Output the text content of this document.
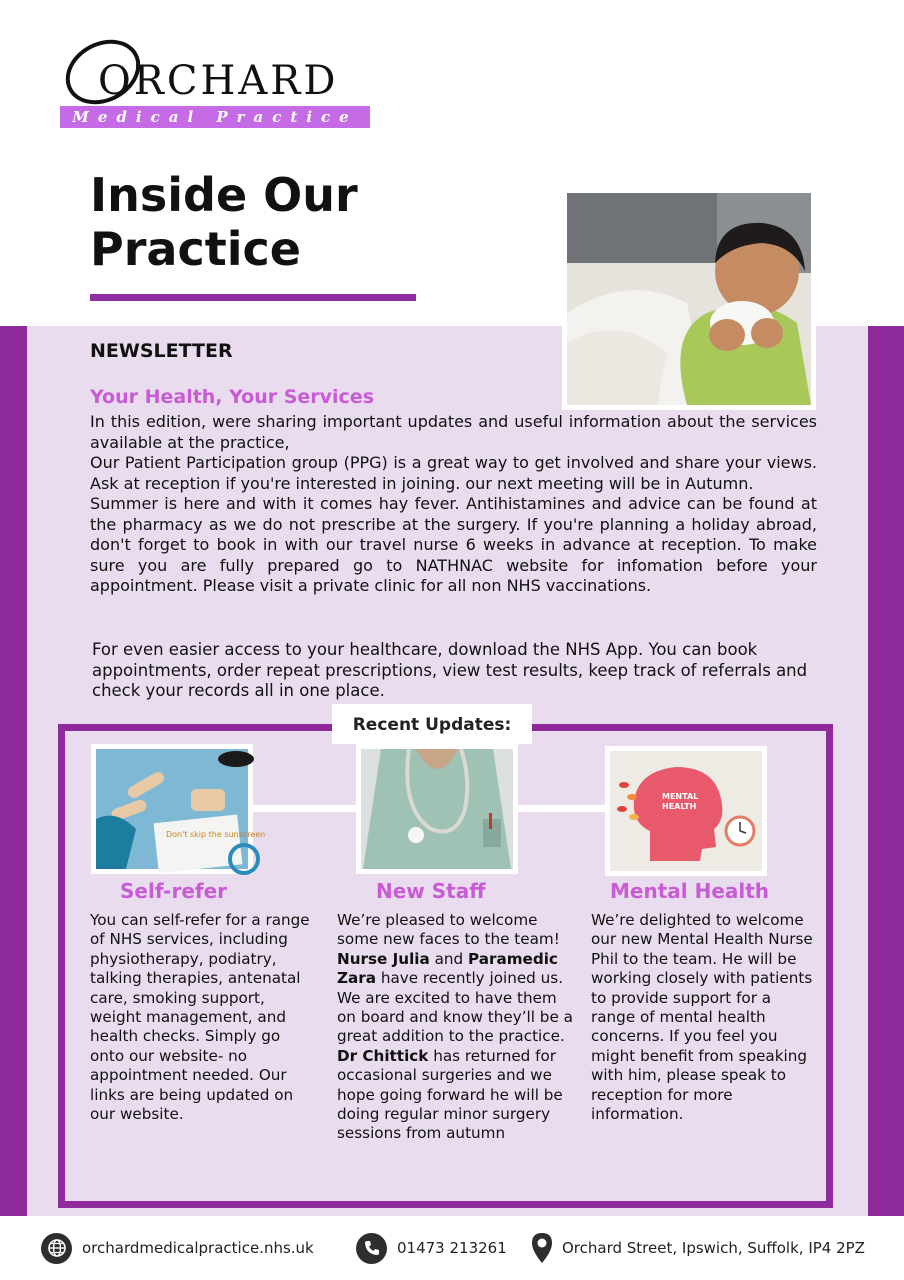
ORCHARD
Medical Practice
Inside Our
Practice
NEWSLETTER
Your Health, Your Services

In this edition, were sharing important updates and useful information about the services available at the practice,

Our Patient Participation group (PPG) is a great way to get involved and share your views. Ask at reception if you're interested in joining. our next meeting will be in Autumn.

Summer is here and with it comes hay fever. Antihistamines and advice can be found at the pharmacy as we do not prescribe at the surgery. If you're planning a holiday abroad, don't forget to book in with our travel nurse 6 weeks in advance at reception. To make sure you are fully prepared go to NATHNAC website for infomation before your appointment. Please visit a private clinic for all non NHS vaccinations.

For even easier access to your healthcare, download the NHS App. You can book appointments, order repeat prescriptions, view test results, keep track of referrals and check your records all in one place.
Recent Updates:
Don't skip the sunscreen
Self-refer
You can self-refer for a range of NHS services, including physiotherapy, podiatry, talking therapies, antenatal care, smoking support, weight management, and health checks. Simply go onto our website- no appointment needed. Our links are being updated on our website.
New Staff
We’re pleased to welcome some new faces to the team! Nurse Julia and Paramedic Zara have recently joined us. We are excited to have them on board and know they’ll be a great addition to the practice.
Dr Chittick has returned for occasional surgeries and we hope going forward he will be doing regular minor surgery sessions from autumn
MENTAL
HEALTH
Mental Health
We’re delighted to welcome our new Mental Health Nurse Phil to the team. He will be working closely with patients to provide support for a range of mental health concerns. If you feel you might benefit from speaking with him, please speak to reception for more information.
orchardmedicalpractice.nhs.uk	01473 213261	Orchard Street, Ipswich, Suffolk, IP4 2PZ
